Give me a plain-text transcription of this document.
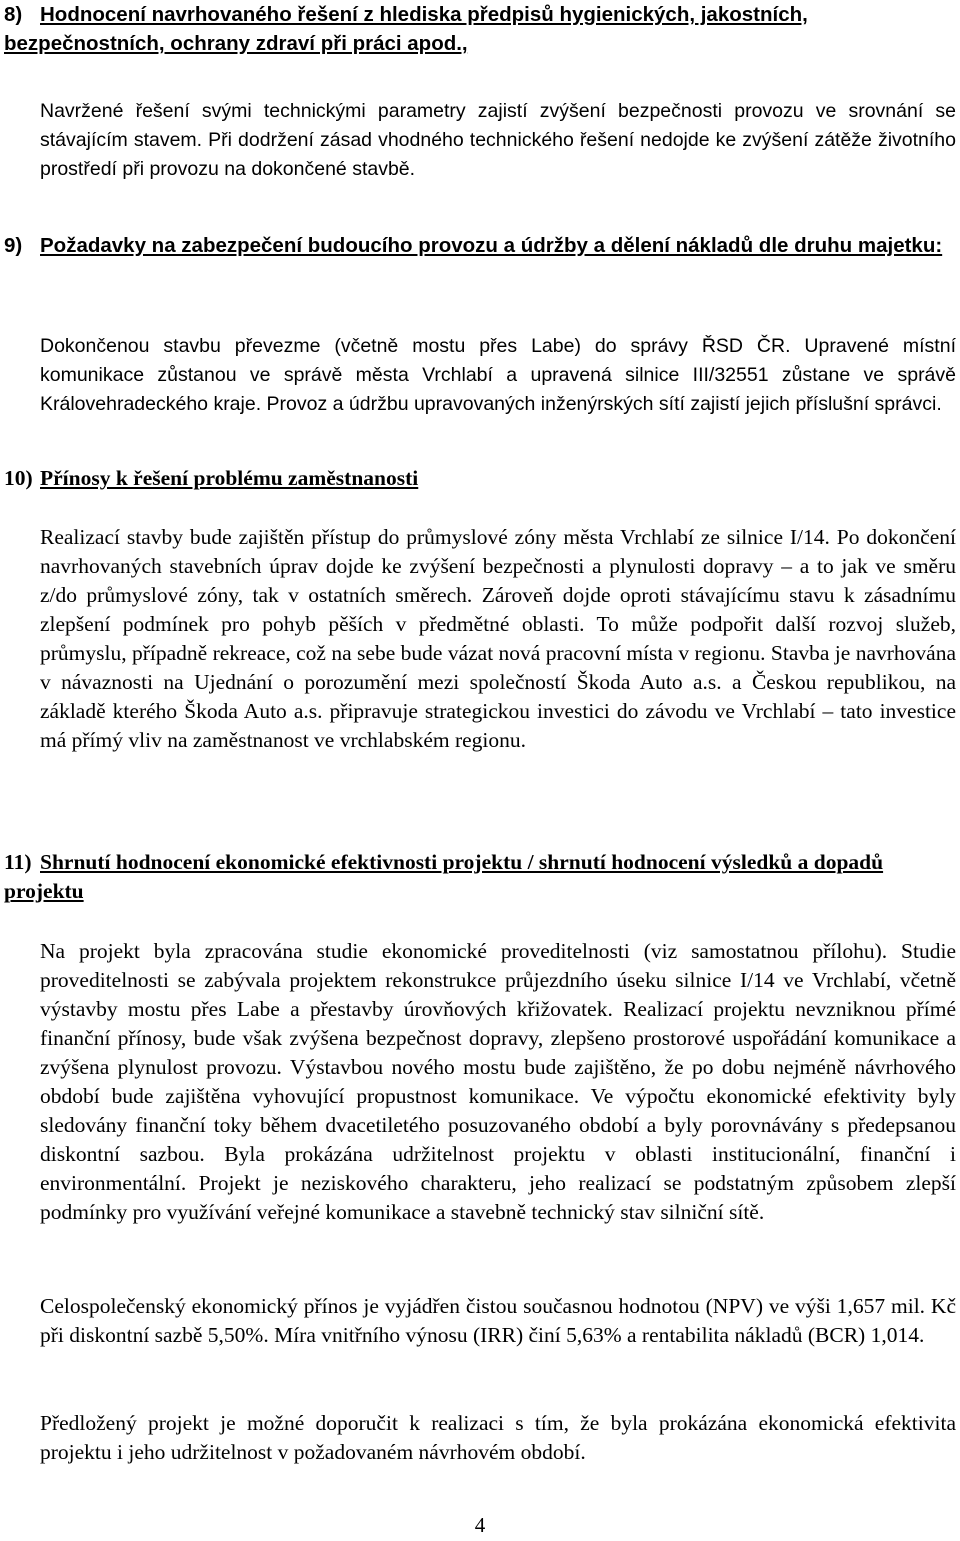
8) Hodnocení navrhovaného řešení z hlediska předpisů hygienických, jakostních, bezpečnostních, ochrany zdraví při práci apod.,

Navržené řešení svými technickými parametry zajistí zvýšení bezpečnosti provozu ve srovnání se stávajícím stavem. Při dodržení zásad vhodného technického řešení nedojde ke zvýšení zátěže životního prostředí při provozu na dokončené stavbě.

9) Požadavky na zabezpečení budoucího provozu a údržby a dělení nákladů dle druhu majetku:

Dokončenou stavbu převezme (včetně mostu přes Labe) do správy ŘSD ČR. Upravené místní komunikace zůstanou ve správě města Vrchlabí a upravená silnice III/32551 zůstane ve správě Královehradeckého kraje. Provoz a údržbu upravovaných inženýrských sítí zajistí jejich příslušní správci.

10) Přínosy k řešení problému zaměstnanosti

Realizací stavby bude zajištěn přístup do průmyslové zóny města Vrchlabí ze silnice I/14. Po dokončení navrhovaných stavebních úprav dojde ke zvýšení bezpečnosti a plynulosti dopravy – a to jak ve směru z/do průmyslové zóny, tak v ostatních směrech. Zároveň dojde oproti stávajícímu stavu k zásadnímu zlepšení podmínek pro pohyb pěších v předmětné oblasti. To může podpořit další rozvoj služeb, průmyslu, případně rekreace, což na sebe bude vázat nová pracovní místa v regionu. Stavba je navrhována v návaznosti na Ujednání o porozumění mezi společností Škoda Auto a.s. a Českou republikou, na základě kterého Škoda Auto a.s. připravuje strategickou investici do závodu ve Vrchlabí – tato investice má přímý vliv na zaměstnanost ve vrchlabském regionu.

11) Shrnutí hodnocení ekonomické efektivnosti projektu / shrnutí hodnocení výsledků a dopadů projektu

Na projekt byla zpracována studie ekonomické proveditelnosti (viz samostatnou přílohu). Studie proveditelnosti se zabývala projektem rekonstrukce průjezdního úseku silnice I/14 ve Vrchlabí, včetně výstavby mostu přes Labe a přestavby úrovňových křižovatek. Realizací projektu nevzniknou přímé finanční přínosy, bude však zvýšena bezpečnost dopravy, zlepšeno prostorové uspořádání komunikace a zvýšena plynulost provozu. Výstavbou nového mostu bude zajištěno, že po dobu nejméně návrhového období bude zajištěna vyhovující propustnost komunikace. Ve výpočtu ekonomické efektivity byly sledovány finanční toky během dvacetiletého posuzovaného období a byly porovnávány s předepsanou diskontní sazbou. Byla prokázána udržitelnost projektu v oblasti institucionální, finanční i environmentální. Projekt je neziskového charakteru, jeho realizací se podstatným způsobem zlepší podmínky pro využívání veřejné komunikace a stavebně technický stav silniční sítě.

Celospolečenský ekonomický přínos je vyjádřen čistou současnou hodnotou (NPV) ve výši 1,657 mil. Kč při diskontní sazbě 5,50%. Míra vnitřního výnosu (IRR) činí 5,63% a rentabilita nákladů (BCR) 1,014.

Předložený projekt je možné doporučit k realizaci s tím, že byla prokázána ekonomická efektivita projektu i jeho udržitelnost v požadovaném návrhovém období.

4
